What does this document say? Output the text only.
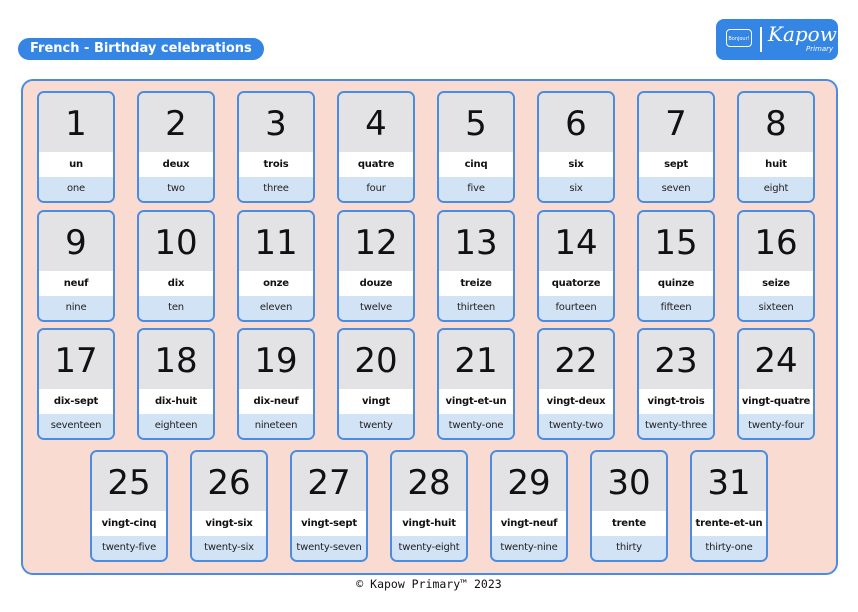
French - Birthday celebrations
Bonjour! Kapow
Primary
1
un
one
2
deux
two
3
trois
three
4
quatre
four
5
cinq
five
6
six
six
7
sept
seven
8
huit
eight
9
neuf
nine
10
dix
ten
11
onze
eleven
12
douze
twelve
13
treize
thirteen
14
quatorze
fourteen
15
quinze
fifteen
16
seize
sixteen
17
dix-sept
seventeen
18
dix-huit
eighteen
19
dix-neuf
nineteen
20
vingt
twenty
21
vingt-et-un
twenty-one
22
vingt-deux
twenty-two
23
vingt-trois
twenty-three
24
vingt-quatre
twenty-four
25
vingt-cinq
twenty-five
26
vingt-six
twenty-six
27
vingt-sept
twenty-seven
28
vingt-huit
twenty-eight
29
vingt-neuf
twenty-nine
30
trente
thirty
31
trente-et-un
thirty-one
© Kapow Primary™ 2023
